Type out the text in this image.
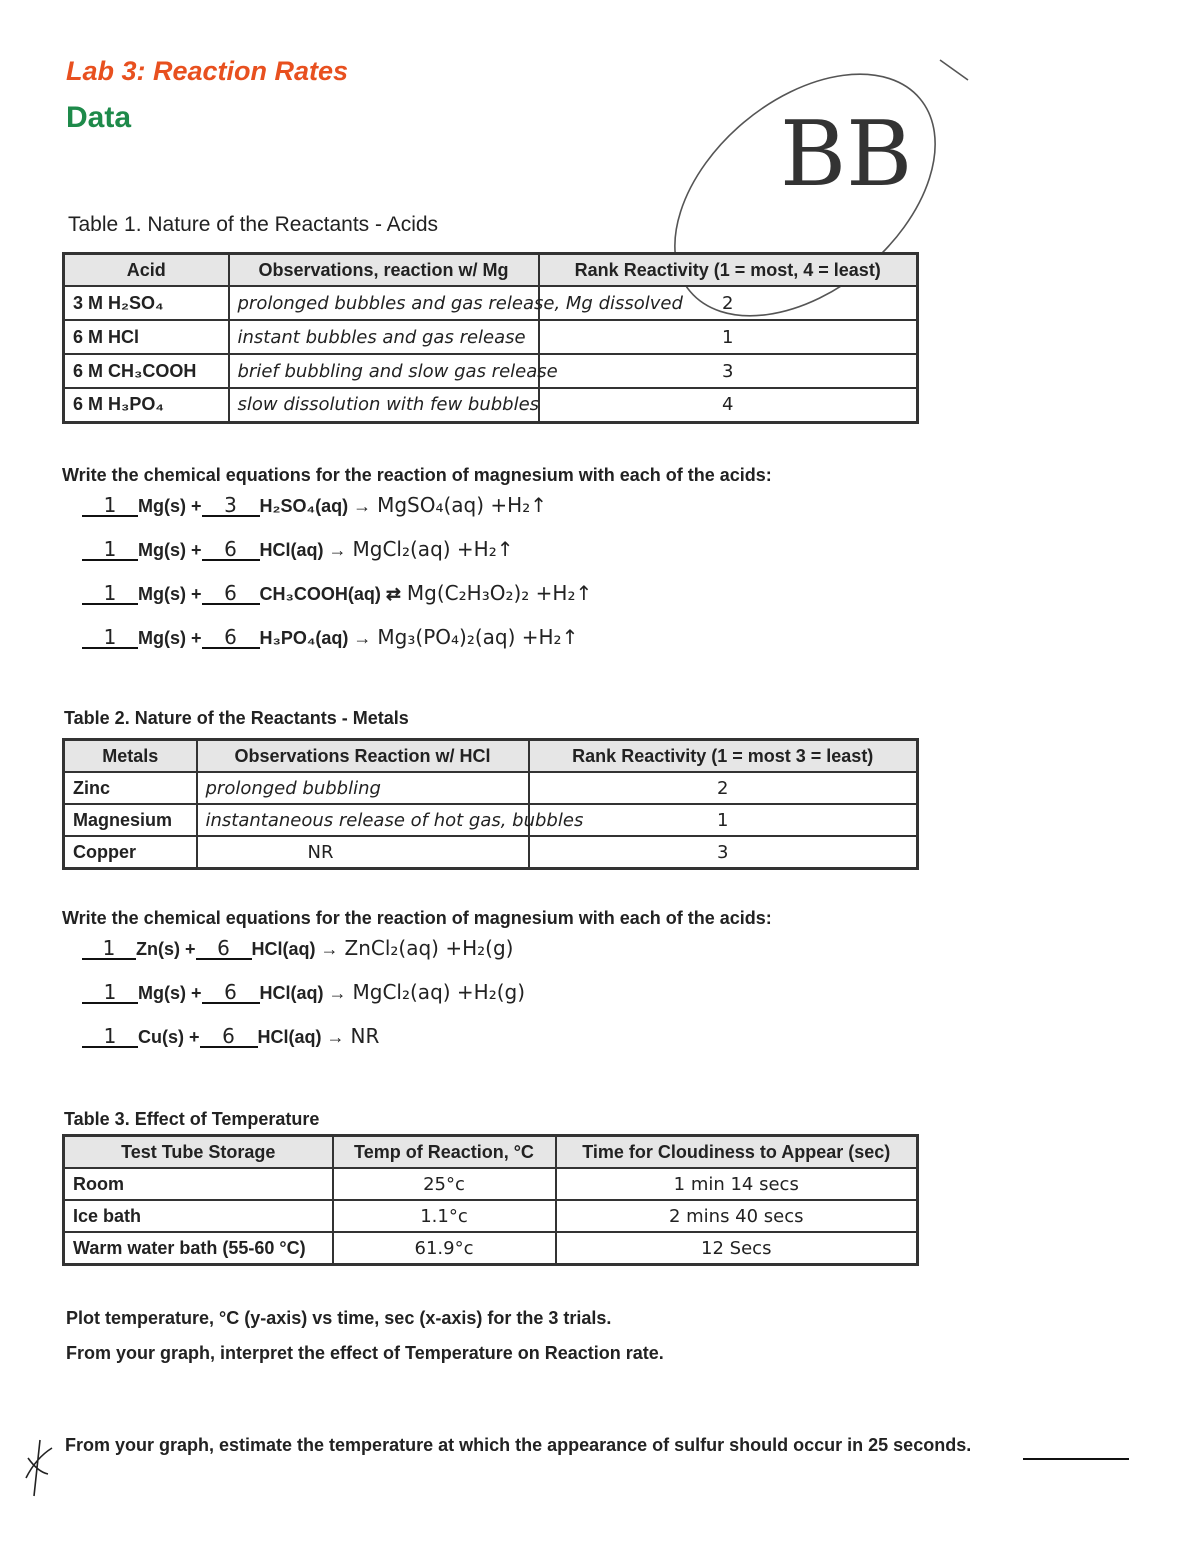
Lab 3: Reaction Rates
Data	BB
Table 1. Nature of the Reactants - Acids
Acid	Observations, reaction w/ Mg	Rank Reactivity (1 = most, 4 = least)
3 M H₂SO₄	prolonged bubbles and gas release, Mg dissolved	2
6 M HCl	instant bubbles and gas release	1
6 M CH₃COOH	brief bubbling and slow gas release	3
6 M H₃PO₄	slow dissolution with few bubbles	4
Write the chemical equations for the reaction of magnesium with each of the acids:
1 Mg(s) + 3 H₂SO₄(aq) → MgSO₄(aq) +H₂↑
1 Mg(s) + 6 HCl(aq) → MgCl₂(aq) +H₂↑
1 Mg(s) + 6 CH₃COOH(aq) ⇄ Mg(C₂H₃O₂)₂ +H₂↑
1 Mg(s) + 6 H₃PO₄(aq) → Mg₃(PO₄)₂(aq) +H₂↑
Table 2. Nature of the Reactants - Metals
Metals	Observations Reaction w/ HCl	Rank Reactivity (1 = most 3 = least)
Zinc	prolonged bubbling	2
Magnesium	instantaneous release of hot gas, bubbles	1
Copper	NR	3
Write the chemical equations for the reaction of magnesium with each of the acids:
1 Zn(s) + 6 HCl(aq) → ZnCl₂(aq) +H₂(g)
1 Mg(s) + 6 HCl(aq) → MgCl₂(aq) +H₂(g)
1 Cu(s) + 6 HCl(aq) → NR
Table 3. Effect of Temperature
Test Tube Storage	Temp of Reaction, °C	Time for Cloudiness to Appear (sec)
Room	25°c	1 min 14 secs
Ice bath	1.1°c	2 mins 40 secs
Warm water bath (55-60 °C)	61.9°c	12 Secs
Plot temperature, °C (y-axis) vs time, sec (x-axis) for the 3 trials.
From your graph, interpret the effect of Temperature on Reaction rate.
From your graph, estimate the temperature at which the appearance of sulfur should occur in 25 seconds.
